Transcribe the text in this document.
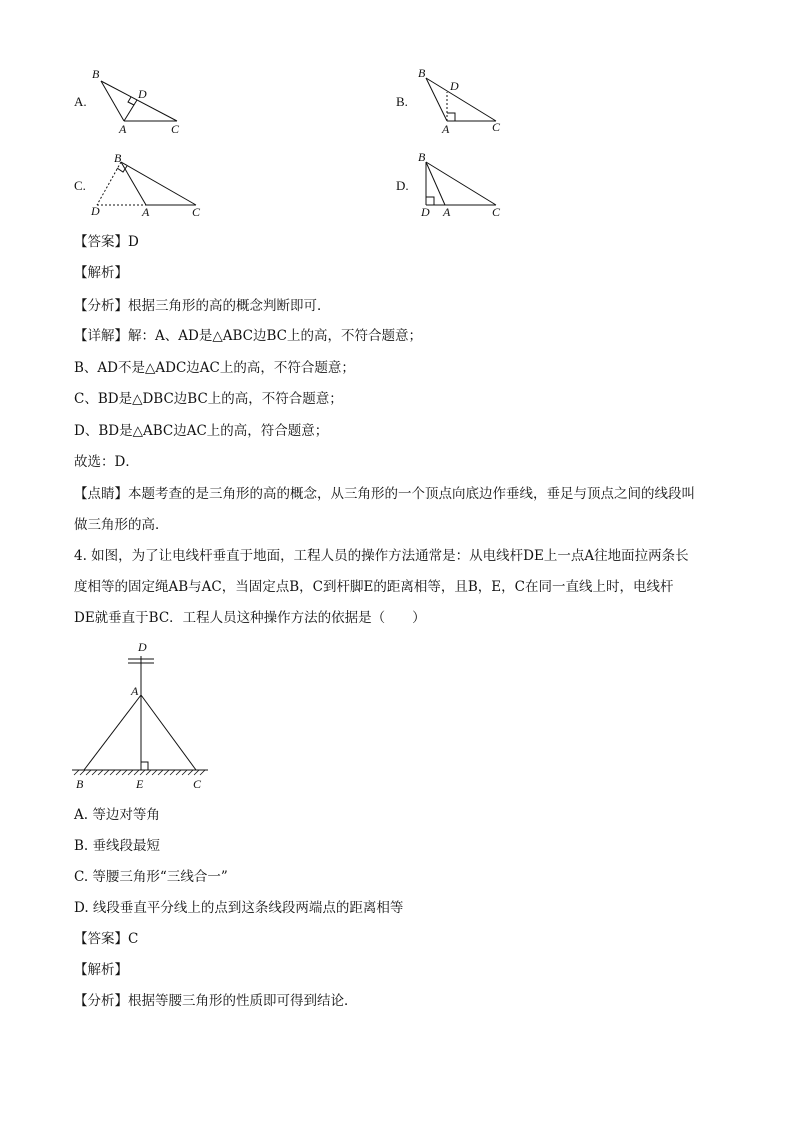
A.	B.
C.	D.
B
D
A	C
B
D
A	C
B
D	A	C
B
D A	C
【答案】D
【解析】
【分析】根据三角形的高的概念判断即可．
【详解】解：A、AD是△ABC边BC上的高，不符合题意；
B、AD不是△ADC边AC上的高，不符合题意；
C、BD是△DBC边BC上的高，不符合题意；
D、BD是△ABC边AC上的高，符合题意；
故选：D．
【点睛】本题考查的是三角形的高的概念，从三角形的一个顶点向底边作垂线，垂足与顶点之间的线段叫
做三角形的高．
4. 如图，为了让电线杆垂直于地面，工程人员的操作方法通常是：从电线杆DE上一点A往地面拉两条长
度相等的固定绳AB与AC，当固定点B，C到杆脚E的距离相等，且B，E，C在同一直线上时，电线杆
DE就垂直于BC．工程人员这种操作方法的依据是（　　）
D
A
B	E	C
A. 等边对等角
B. 垂线段最短
C. 等腰三角形“三线合一”
D. 线段垂直平分线上的点到这条线段两端点的距离相等
【答案】C
【解析】
【分析】根据等腰三角形的性质即可得到结论．
